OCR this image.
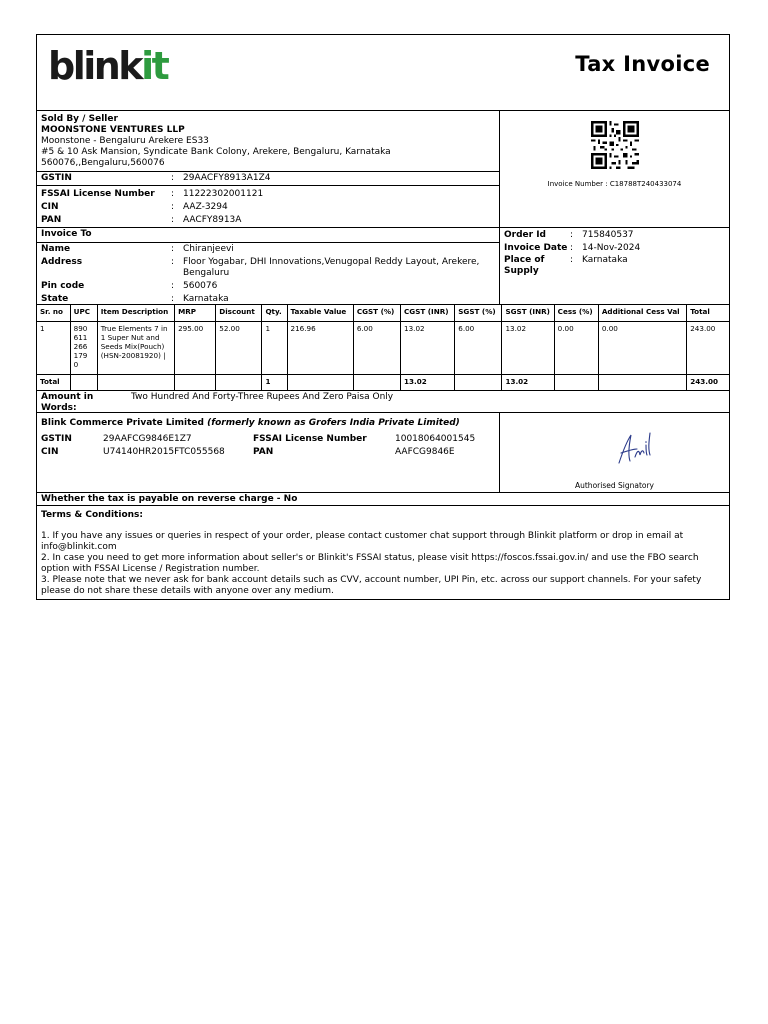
blinkit	Tax Invoice
Sold By / Seller
MOONSTONE VENTURES LLP
Moonstone - Bengaluru Arekere ES33
#5 & 10 Ask Mansion, Syndicate Bank Colony, Arekere, Bengaluru, Karnataka
560076,,Bengaluru,560076
GSTIN	: 29AACFY8913A1Z4
FSSAI License Number	: 11222302001121
CIN	: AAZ-3294
PAN	: AACFY8913A
Invoice Number : C18788T240433074
Invoice To
Name	: Chiranjeevi
Address	: Floor Yogabar, DHI Innovations,Venugopal Reddy Layout, Arekere, Bengaluru
Pin code	: 560076
State	: Karnataka
Order Id	: 715840537
Invoice Date : 14-Nov-2024
Place of Supply
: Karnataka
Sr. no	UPC	Item Description	MRP	Discount	Qty.	Taxable Value	CGST (%)	CGST (INR)	SGST (%)	SGST (INR)	Cess (%)	Additional Cess Val	Total
1	890 611 266 179 0	True Elements 7 in 1 Super Nut and Seeds Mix(Pouch) (HSN-20081920) |	295.00	52.00	1	216.96	6.00	13.02	6.00	13.02	0.00	0.00	243.00
Total					1			13.02		13.02			243.00
Amount in Words:
Two Hundred And Forty-Three Rupees And Zero Paisa Only
Blink Commerce Private Limited (formerly known as Grofers India Private Limited)
GSTIN	29AAFCG9846E1Z7	FSSAI License Number	10018064001545
CIN	U74140HR2015FTC055568	PAN	AAFCG9846E
Authorised Signatory
Whether the tax is payable on reverse charge - No
Terms & Conditions:

1. If you have any issues or queries in respect of your order, please contact customer chat support through Blinkit platform or drop in email at info@blinkit.com

2. In case you need to get more information about seller's or Blinkit's FSSAI status, please visit https://foscos.fssai.gov.in/ and use the FBO search option with FSSAI License / Registration number.

3. Please note that we never ask for bank account details such as CVV, account number, UPI Pin, etc. across our support channels. For your safety please do not share these details with anyone over any medium.
